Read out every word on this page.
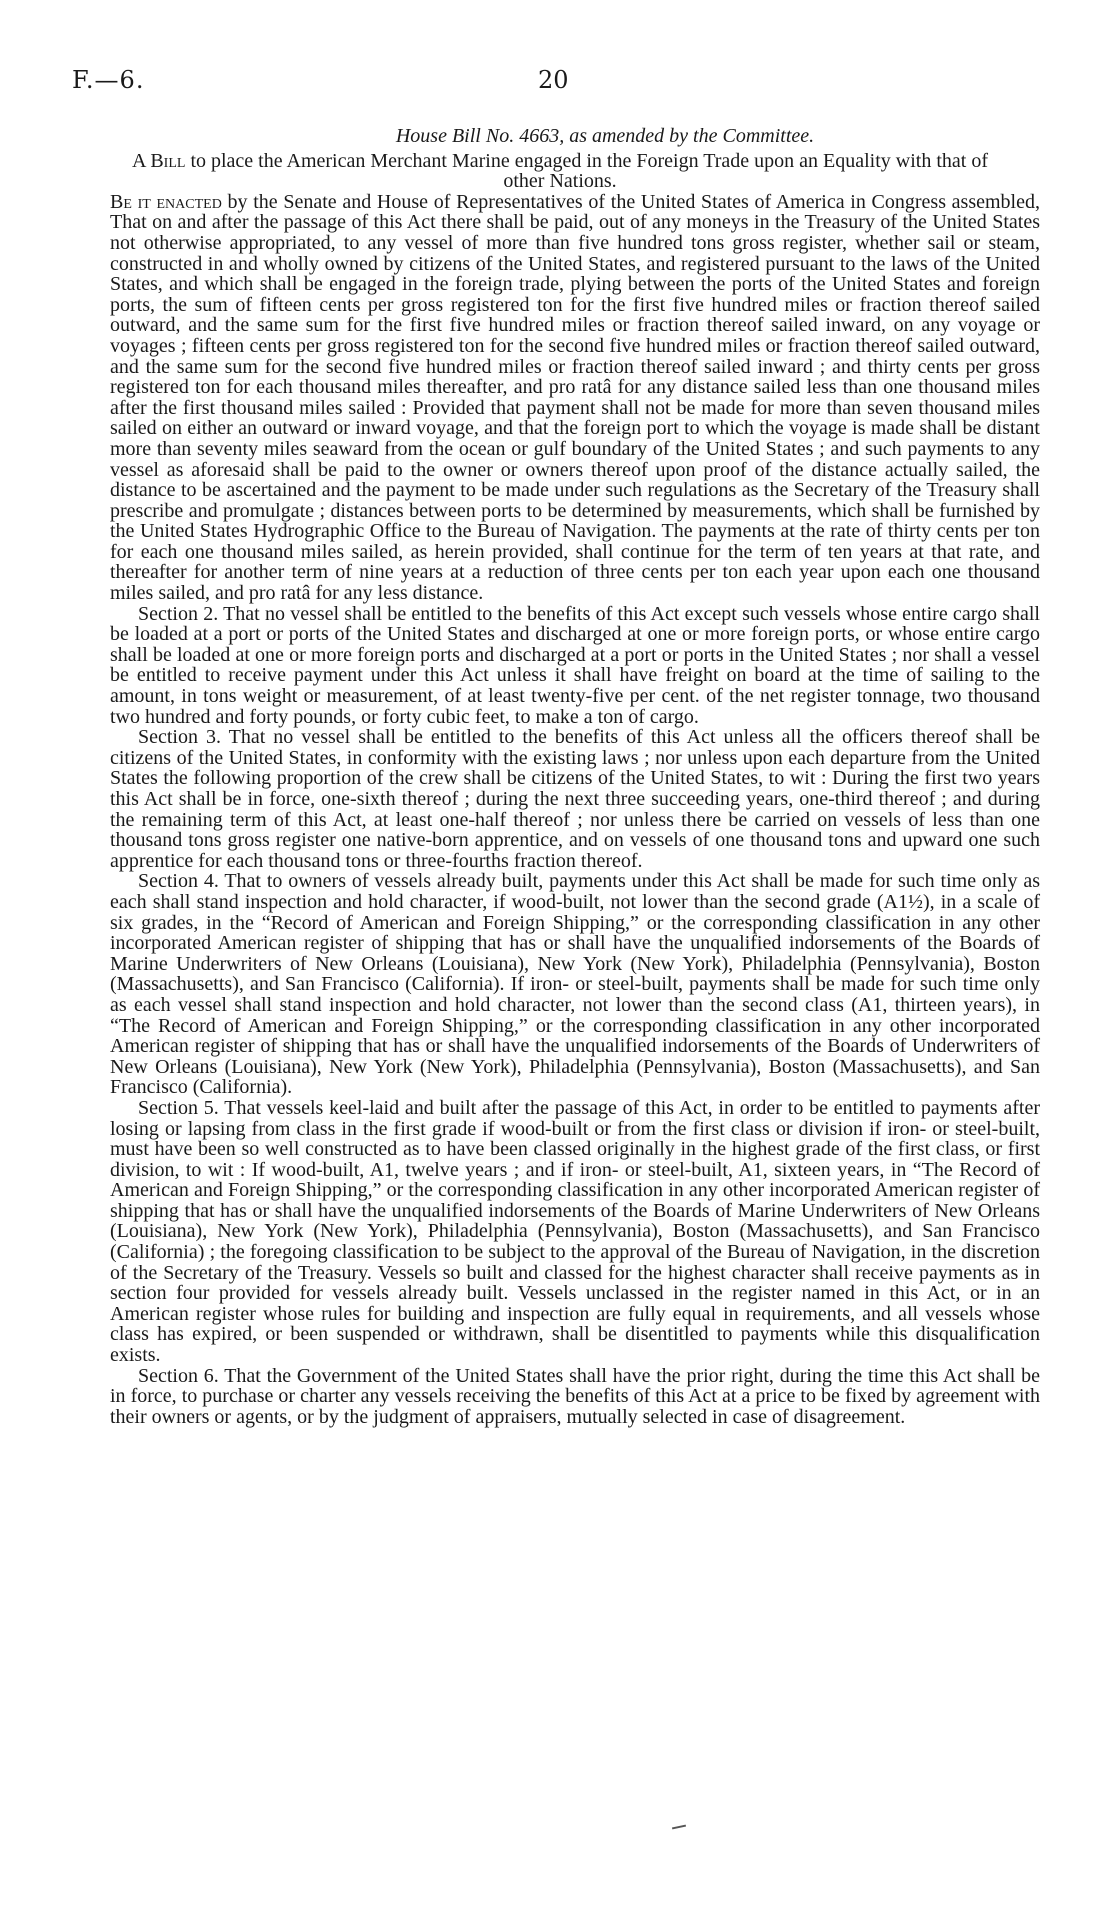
F.—6.	20
House Bill No. 4663, as amended by the Committee.
A Bill to place the American Merchant Marine engaged in the Foreign Trade upon an Equality with that of other Nations.

Be it enacted by the Senate and House of Representatives of the United States of America in Congress assembled, That on and after the passage of this Act there shall be paid, out of any moneys in the Treasury of the United States not otherwise appropriated, to any vessel of more than five hundred tons gross register, whether sail or steam, constructed in and wholly owned by citizens of the United States, and registered pursuant to the laws of the United States, and which shall be engaged in the foreign trade, plying between the ports of the United States and foreign ports, the sum of fifteen cents per gross registered ton for the first five hundred miles or fraction thereof sailed outward, and the same sum for the first five hundred miles or fraction thereof sailed inward, on any voyage or voyages ; fifteen cents per gross registered ton for the second five hundred miles or fraction thereof sailed outward, and the same sum for the second five hundred miles or fraction thereof sailed inward ; and thirty cents per gross registered ton for each thousand miles thereafter, and pro ratâ for any distance sailed less than one thousand miles after the first thousand miles sailed : Provided that payment shall not be made for more than seven thousand miles sailed on either an outward or inward voyage, and that the foreign port to which the voyage is made shall be distant more than seventy miles seaward from the ocean or gulf boundary of the United States ; and such payments to any vessel as aforesaid shall be paid to the owner or owners thereof upon proof of the distance actually sailed, the distance to be ascertained and the payment to be made under such regulations as the Secretary of the Treasury shall prescribe and promulgate ; distances between ports to be determined by measurements, which shall be furnished by the United States Hydrographic Office to the Bureau of Navigation. The payments at the rate of thirty cents per ton for each one thousand miles sailed, as herein provided, shall continue for the term of ten years at that rate, and thereafter for another term of nine years at a reduction of three cents per ton each year upon each one thousand miles sailed, and pro ratâ for any less distance.

Section 2. That no vessel shall be entitled to the benefits of this Act except such vessels whose entire cargo shall be loaded at a port or ports of the United States and discharged at one or more foreign ports, or whose entire cargo shall be loaded at one or more foreign ports and discharged at a port or ports in the United States ; nor shall a vessel be entitled to receive payment under this Act unless it shall have freight on board at the time of sailing to the amount, in tons weight or measurement, of at least twenty-five per cent. of the net register tonnage, two thousand two hundred and forty pounds, or forty cubic feet, to make a ton of cargo.

Section 3. That no vessel shall be entitled to the benefits of this Act unless all the officers thereof shall be citizens of the United States, in conformity with the existing laws ; nor unless upon each departure from the United States the following proportion of the crew shall be citizens of the United States, to wit : During the first two years this Act shall be in force, one-sixth thereof ; during the next three succeeding years, one-third thereof ; and during the remaining term of this Act, at least one-half thereof ; nor unless there be carried on vessels of less than one thousand tons gross register one native-born apprentice, and on vessels of one thousand tons and upward one such apprentice for each thousand tons or three-fourths fraction thereof.

Section 4. That to owners of vessels already built, payments under this Act shall be made for such time only as each shall stand inspection and hold character, if wood-built, not lower than the second grade (A1½), in a scale of six grades, in the “Record of American and Foreign Shipping,” or the corresponding classification in any other incorporated American register of shipping that has or shall have the unqualified indorsements of the Boards of Marine Underwriters of New Orleans (Louisiana), New York (New York), Philadelphia (Pennsylvania), Boston (Massachusetts), and San Francisco (California). If iron- or steel-built, payments shall be made for such time only as each vessel shall stand inspection and hold character, not lower than the second class (A1, thirteen years), in “The Record of American and Foreign Shipping,” or the corresponding classification in any other incorporated American register of shipping that has or shall have the unqualified indorsements of the Boards of Underwriters of New Orleans (Louisiana), New York (New York), Philadelphia (Pennsylvania), Boston (Massachusetts), and San Francisco (California).

Section 5. That vessels keel-laid and built after the passage of this Act, in order to be entitled to payments after losing or lapsing from class in the first grade if wood-built or from the first class or division if iron- or steel-built, must have been so well constructed as to have been classed originally in the highest grade of the first class, or first division, to wit : If wood-built, A1, twelve years ; and if iron- or steel-built, A1, sixteen years, in “The Record of American and Foreign Shipping,” or the corresponding classification in any other incorporated American register of shipping that has or shall have the unqualified indorsements of the Boards of Marine Underwriters of New Orleans (Louisiana), New York (New York), Philadelphia (Pennsylvania), Boston (Massachusetts), and San Francisco (California) ; the foregoing classification to be subject to the approval of the Bureau of Navigation, in the discretion of the Secretary of the Treasury. Vessels so built and classed for the highest character shall receive payments as in section four provided for vessels already built. Vessels unclassed in the register named in this Act, or in an American register whose rules for building and inspection are fully equal in requirements, and all vessels whose class has expired, or been suspended or withdrawn, shall be disentitled to payments while this disqualification exists.

Section 6. That the Government of the United States shall have the prior right, during the time this Act shall be in force, to purchase or charter any vessels receiving the benefits of this Act at a price to be fixed by agreement with their owners or agents, or by the judgment of appraisers, mutually selected in case of disagreement.
